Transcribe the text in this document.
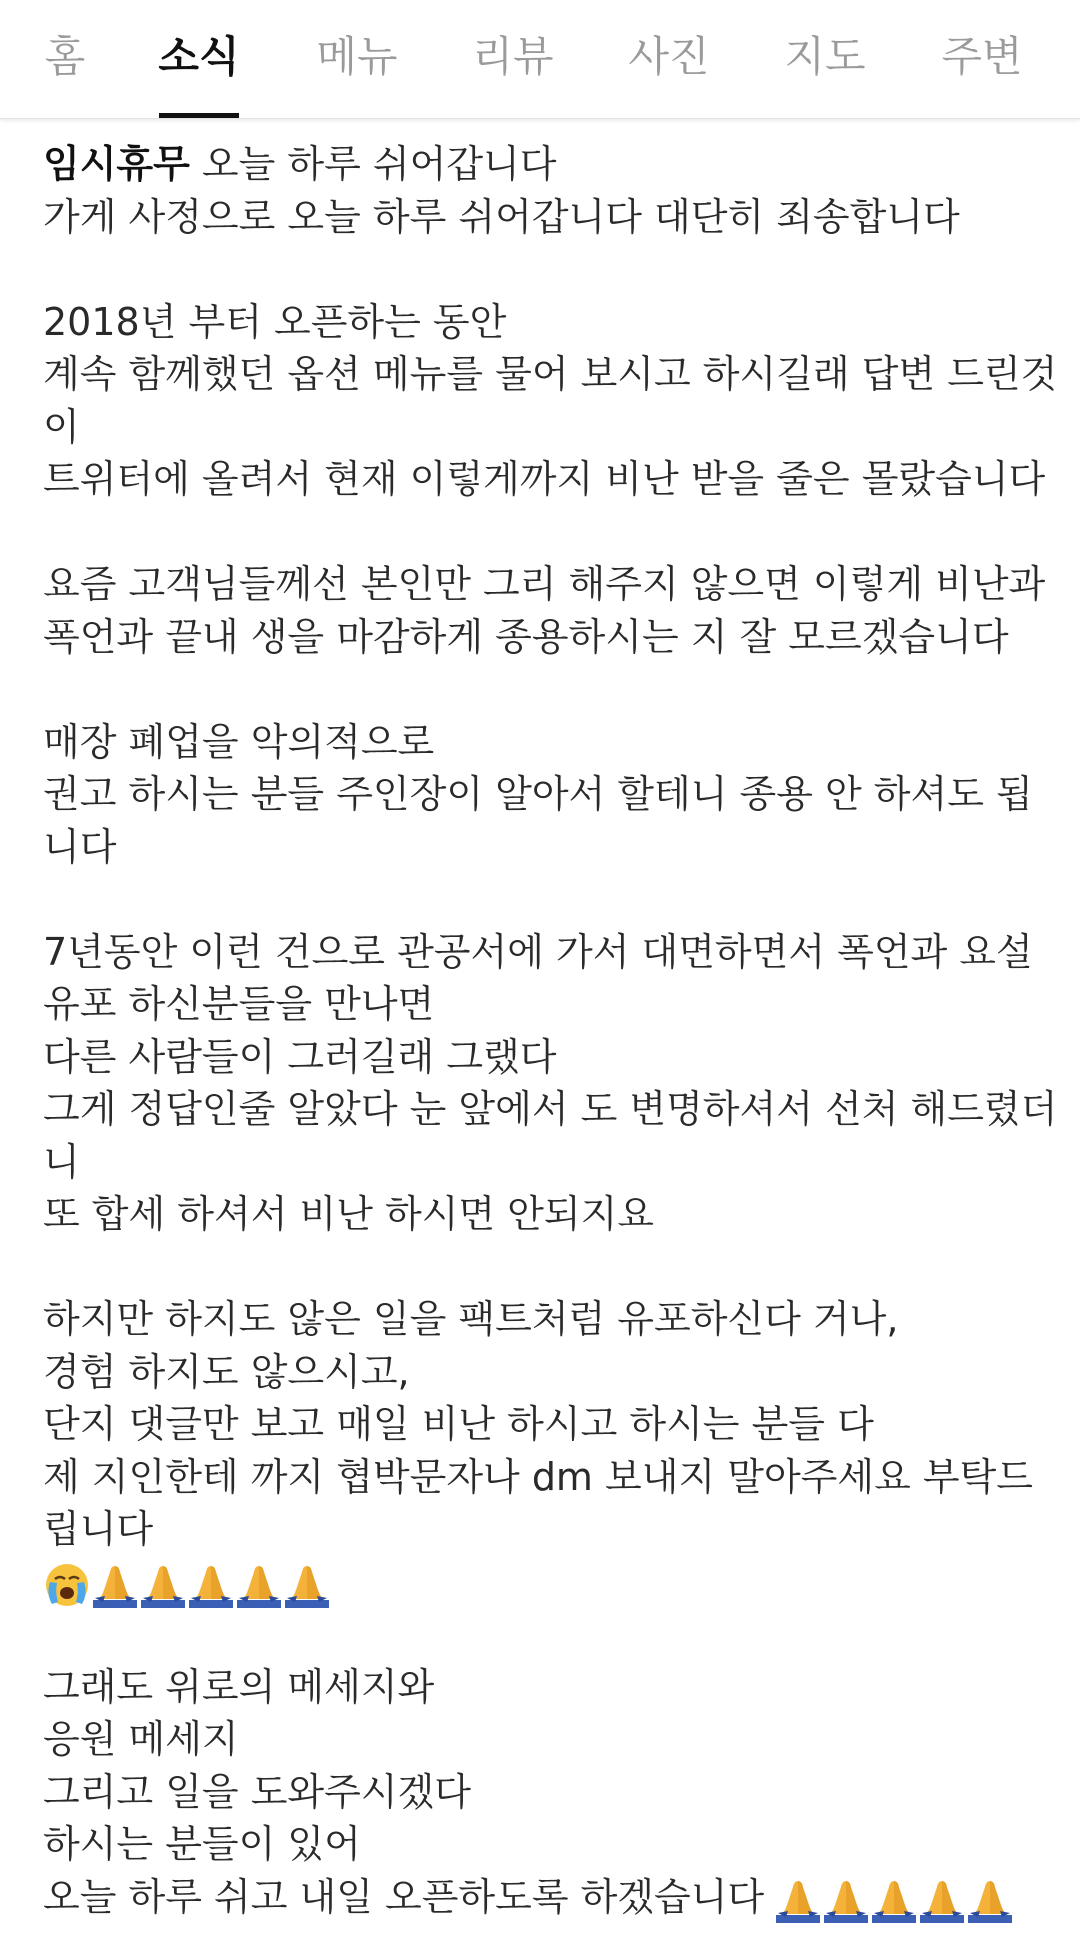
홈 소식 메뉴 리뷰 사진 지도 주변

임시휴무 오늘 하루 쉬어갑니다

가게 사정으로 오늘 하루 쉬어갑니다 대단히 죄송합니다

2018년 부터 오픈하는 동안

계속 함께했던 옵션 메뉴를 물어 보시고 하시길래 답변 드린것

이

트위터에 올려서 현재 이렇게까지 비난 받을 줄은 몰랐습니다

요즘 고객님들께선 본인만 그리 해주지 않으면 이렇게 비난과

폭언과 끝내 생을 마감하게 종용하시는 지 잘 모르겠습니다

매장 폐업을 악의적으로

권고 하시는 분들 주인장이 알아서 할테니 종용 안 하셔도 됩

니다

7년동안 이런 건으로 관공서에 가서 대면하면서 폭언과 요설

유포 하신분들을 만나면

다른 사람들이 그러길래 그랬다

그게 정답인줄 알았다 눈 앞에서 도 변명하셔서 선처 해드렸더

니

또 합세 하셔서 비난 하시면 안되지요

하지만 하지도 않은 일을 팩트처럼 유포하신다 거나,

경험 하지도 않으시고,

단지 댓글만 보고 매일 비난 하시고 하시는 분들 다

제 지인한테 까지 협박문자나 dm 보내지 말아주세요 부탁드

립니다

그래도 위로의 메세지와

응원 메세지

그리고 일을 도와주시겠다

하시는 분들이 있어

오늘 하루 쉬고 내일 오픈하도록 하겠습니다
